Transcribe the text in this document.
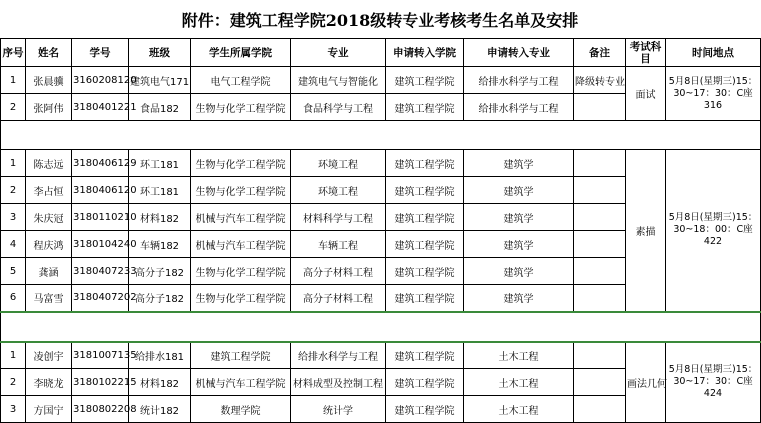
附件：建筑工程学院2018级转专业考核考生名单及安排
序号	姓名	学号	班级	学生所属学院	专业	申请转入学院	申请转入专业	备注	考试科目	时间地点
1	张晨骥	3160208120	建筑电气171	电气工程学院	建筑电气与智能化	建筑工程学院	给排水科学与工程	降级转专业	面试	5月8日(星期三)15：30~17：30：C座316
2	张阿伟	3180401221	食品182	生物与化学工程学院	食品科学与工程	建筑工程学院	给排水科学与工程			

1	陈志远	3180406129	环工181	生物与化学工程学院	环境工程	建筑工程学院	建筑学		素描	5月8日(星期三)15：30~18：00：C座422
2	李占恒	3180406120	环工181	生物与化学工程学院	环境工程	建筑工程学院	建筑学			
3	朱庆冠	3180110210	材料182	机械与汽车工程学院	材料科学与工程	建筑工程学院	建筑学			
4	程庆鸿	3180104240	车辆182	机械与汽车工程学院	车辆工程	建筑工程学院	建筑学			
5	龚涵	3180407233	高分子182	生物与化学工程学院	高分子材料工程	建筑工程学院	建筑学			
6	马富雪	3180407202	高分子182	生物与化学工程学院	高分子材料工程	建筑工程学院	建筑学			

1	凌创宇	3181007135	给排水181	建筑工程学院	给排水科学与工程	建筑工程学院	土木工程		画法几何	5月8日(星期三)15：30~17：30：C座424
2	李晓龙	3180102215	材料182	机械与汽车工程学院	材料成型及控制工程	建筑工程学院	土木工程			
3	方国宁	3180802208	统计182	数理学院	统计学	建筑工程学院	土木工程			
